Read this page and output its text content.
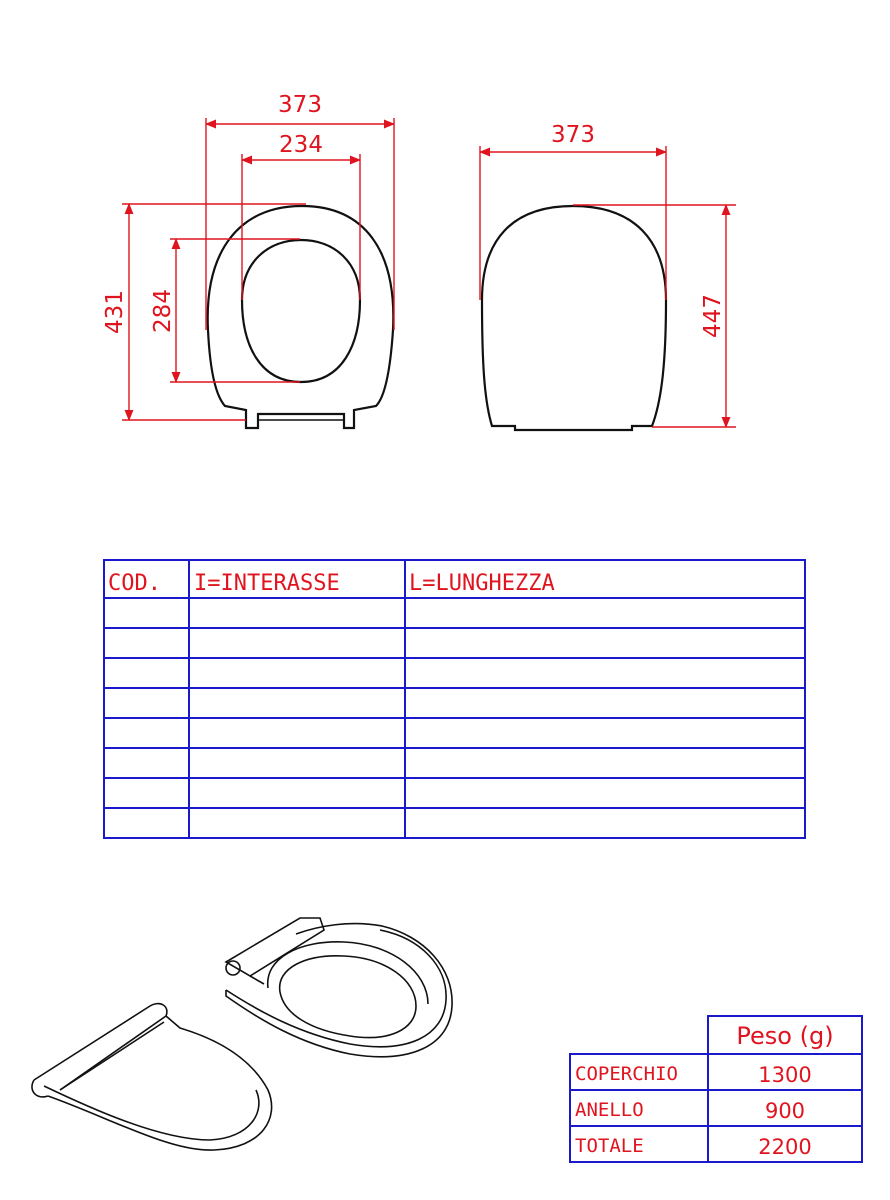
373
234
431 284
373
447
COD. I=INTERASSE	L=LUNGHEZZA
Peso (g)
COPERCHIO	1300
ANELLO	900
TOTALE	2200
